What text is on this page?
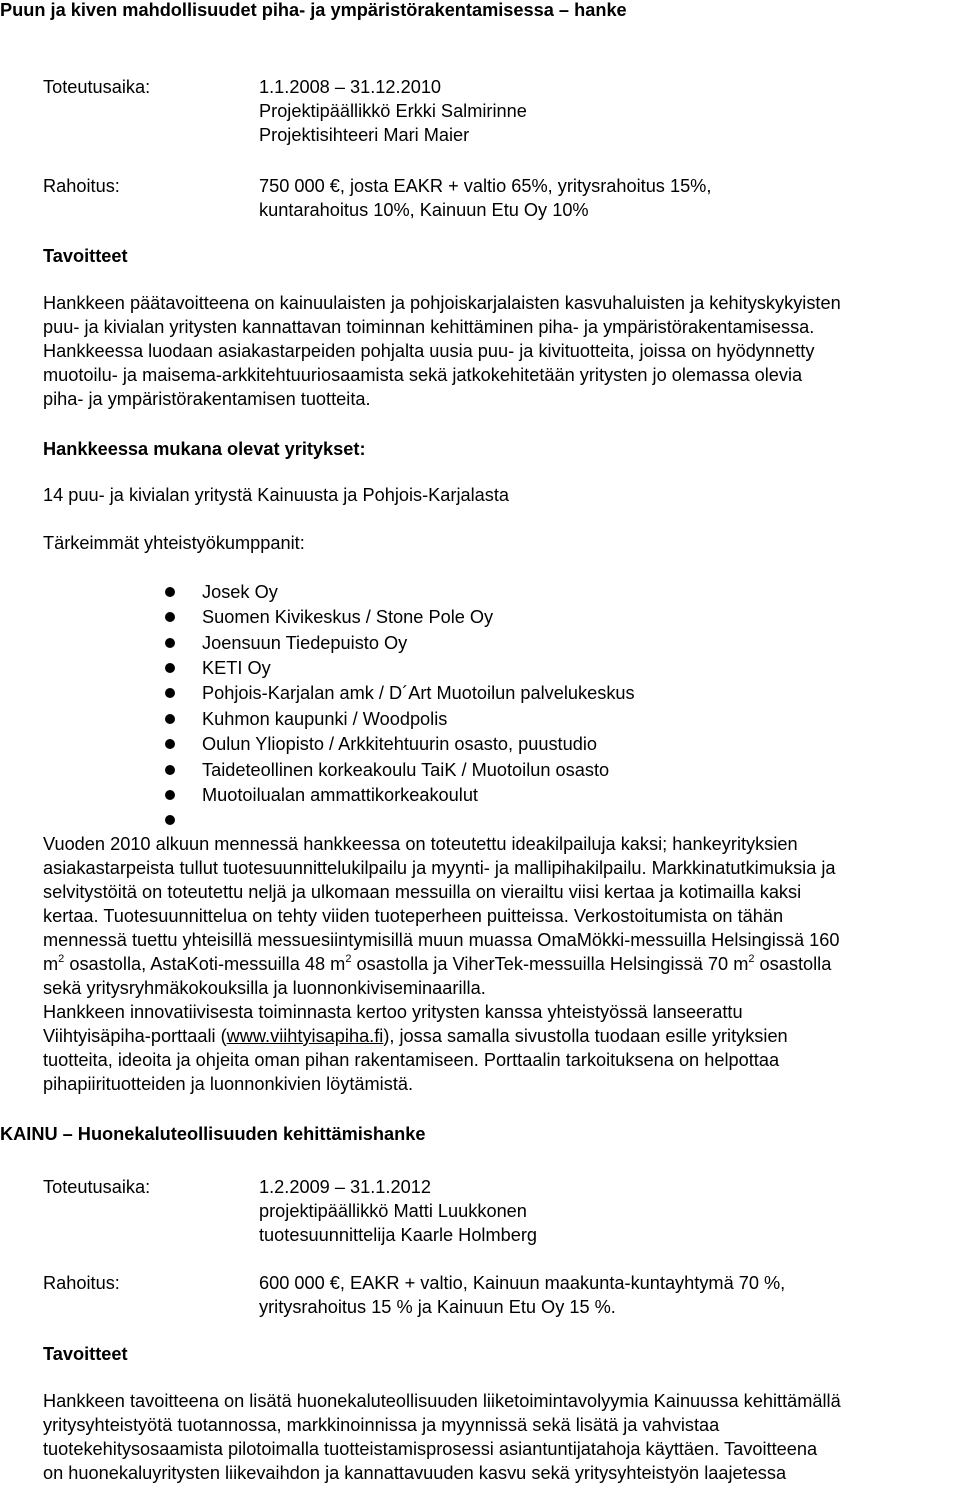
Puun ja kiven mahdollisuudet piha- ja ympäristörakentamisessa – hanke
Toteutusaika:	1.1.2008 – 31.12.2010
Projektipäällikkö Erkki Salmirinne
Projektisihteeri Mari Maier
Rahoitus:	750 000 €, josta EAKR + valtio 65%, yritysrahoitus 15%,
kuntarahoitus 10%, Kainuun Etu Oy 10%
Tavoitteet

Hankkeen päätavoitteena on kainuulaisten ja pohjoiskarjalaisten kasvuhaluisten ja kehityskykyisten

puu- ja kivialan yritysten kannattavan toiminnan kehittäminen piha- ja ympäristörakentamisessa.

Hankkeessa luodaan asiakastarpeiden pohjalta uusia puu- ja kivituotteita, joissa on hyödynnetty

muotoilu- ja maisema-arkkitehtuuriosaamista sekä jatkokehitetään yritysten jo olemassa olevia

piha- ja ympäristörakentamisen tuotteita.

Hankkeessa mukana olevat yritykset:
14 puu- ja kivialan yritystä Kainuusta ja Pohjois-Karjalasta
Tärkeimmät yhteistyökumppanit:
Josek Oy
Suomen Kivikeskus / Stone Pole Oy
Joensuun Tiedepuisto Oy
KETI Oy
Pohjois-Karjalan amk / D´Art Muotoilun palvelukeskus
Kuhmon kaupunki / Woodpolis
Oulun Yliopisto / Arkkitehtuurin osasto, puustudio
Taideteollinen korkeakoulu TaiK / Muotoilun osasto
Muotoilualan ammattikorkeakoulut

Vuoden 2010 alkuun mennessä hankkeessa on toteutettu ideakilpailuja kaksi; hankeyrityksien

asiakastarpeista tullut tuotesuunnittelukilpailu ja myynti- ja mallipihakilpailu. Markkinatutkimuksia ja

selvitystöitä on toteutettu neljä ja ulkomaan messuilla on vierailtu viisi kertaa ja kotimailla kaksi

kertaa. Tuotesuunnittelua on tehty viiden tuoteperheen puitteissa. Verkostoitumista on tähän

mennessä tuettu yhteisillä messuesiintymisillä muun muassa OmaMökki-messuilla Helsingissä 160

$m^2$ osastolla, AstaKoti-messuilla 48 $m^2$ osastolla ja ViherTek-messuilla Helsingissä 70 $m^2$ osastolla

sekä yritysryhmäkokouksilla ja luonnonkiviseminaarilla.

Hankkeen innovatiivisesta toiminnasta kertoo yritysten kanssa yhteistyössä lanseerattu

Viihtyisäpiha-porttaali (www.viihtyisapiha.fi), jossa samalla sivustolla tuodaan esille yrityksien

tuotteita, ideoita ja ohjeita oman pihan rakentamiseen. Porttaalin tarkoituksena on helpottaa

pihapiirituotteiden ja luonnonkivien löytämistä.

KAINU – Huonekaluteollisuuden kehittämishanke
Toteutusaika:	1.2.2009 – 31.1.2012
projektipäällikkö Matti Luukkonen
tuotesuunnittelija Kaarle Holmberg
Rahoitus:	600 000 €, EAKR + valtio, Kainuun maakunta-kuntayhtymä 70 %,
yritysrahoitus 15 % ja Kainuun Etu Oy 15 %.
Tavoitteet

Hankkeen tavoitteena on lisätä huonekaluteollisuuden liiketoimintavolyymia Kainuussa kehittämällä

yritysyhteistyötä tuotannossa, markkinoinnissa ja myynnissä sekä lisätä ja vahvistaa

tuotekehitysosaamista pilotoimalla tuotteistamisprosessi asiantuntijatahoja käyttäen. Tavoitteena

on huonekaluyritysten liikevaihdon ja kannattavuuden kasvu sekä yritysyhteistyön laajetessa
